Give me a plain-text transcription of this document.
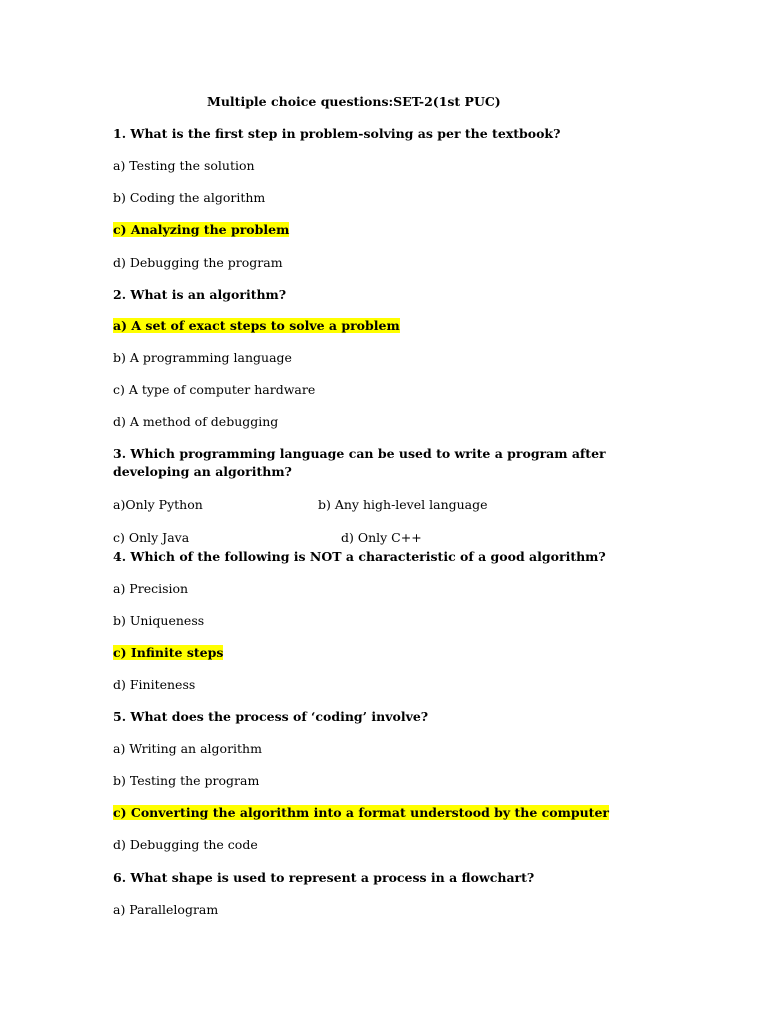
Multiple choice questions:SET-2(1st PUC)
1. What is the first step in problem-solving as per the textbook?
a) Testing the solution
b) Coding the algorithm
c) Analyzing the problem
d) Debugging the program
2. What is an algorithm?
a) A set of exact steps to solve a problem
b) A programming language
c) A type of computer hardware
d) A method of debugging
3. Which programming language can be used to write a program after developing an algorithm?
a)Only Python	b) Any high-level language
c) Only Java	d) Only C++
4. Which of the following is NOT a characteristic of a good algorithm?
a) Precision
b) Uniqueness
c) Infinite steps
d) Finiteness
5. What does the process of ‘coding’ involve?
a) Writing an algorithm
b) Testing the program
c) Converting the algorithm into a format understood by the computer
d) Debugging the code
6. What shape is used to represent a process in a flowchart?
a) Parallelogram
